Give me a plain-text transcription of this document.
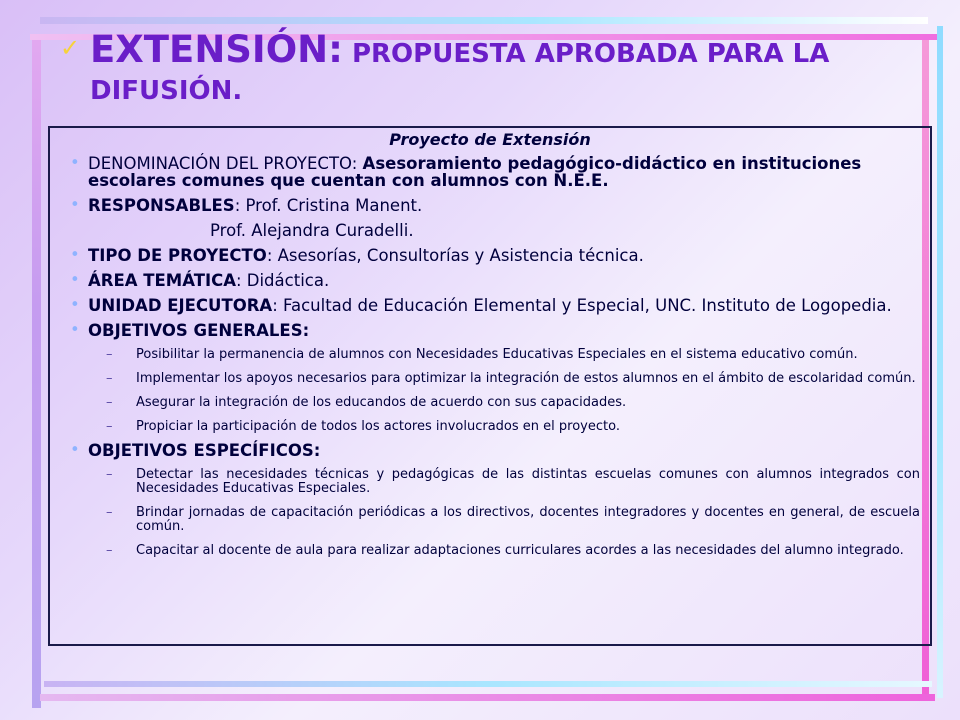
✓ EXTENSIÓN: PROPUESTA APROBADA PARA LA
DIFUSIÓN.
Proyecto de Extensión
• DENOMINACIÓN DEL PROYECTO: Asesoramiento pedagógico-didáctico en instituciones escolares comunes que cuentan con alumnos con N.E.E.
• RESPONSABLES: Prof. Cristina Manent.
Prof. Alejandra Curadelli.
• TIPO DE PROYECTO: Asesorías, Consultorías y Asistencia técnica.
• ÁREA TEMÁTICA: Didáctica.
• UNIDAD EJECUTORA: Facultad de Educación Elemental y Especial, UNC. Instituto de Logopedia.
• OBJETIVOS GENERALES:
– Posibilitar la permanencia de alumnos con Necesidades Educativas Especiales en el sistema educativo común.
– Implementar los apoyos necesarios para optimizar la integración de estos alumnos en el ámbito de escolaridad común.
– Asegurar la integración de los educandos de acuerdo con sus capacidades.
– Propiciar la participación de todos los actores involucrados en el proyecto.
• OBJETIVOS ESPECÍFICOS:
– Detectar las necesidades técnicas y pedagógicas de las distintas escuelas comunes con alumnos integrados con Necesidades Educativas Especiales.
– Brindar jornadas de capacitación periódicas a los directivos, docentes integradores y docentes en general, de escuela común.
– Capacitar al docente de aula para realizar adaptaciones curriculares acordes a las necesidades del alumno integrado.
